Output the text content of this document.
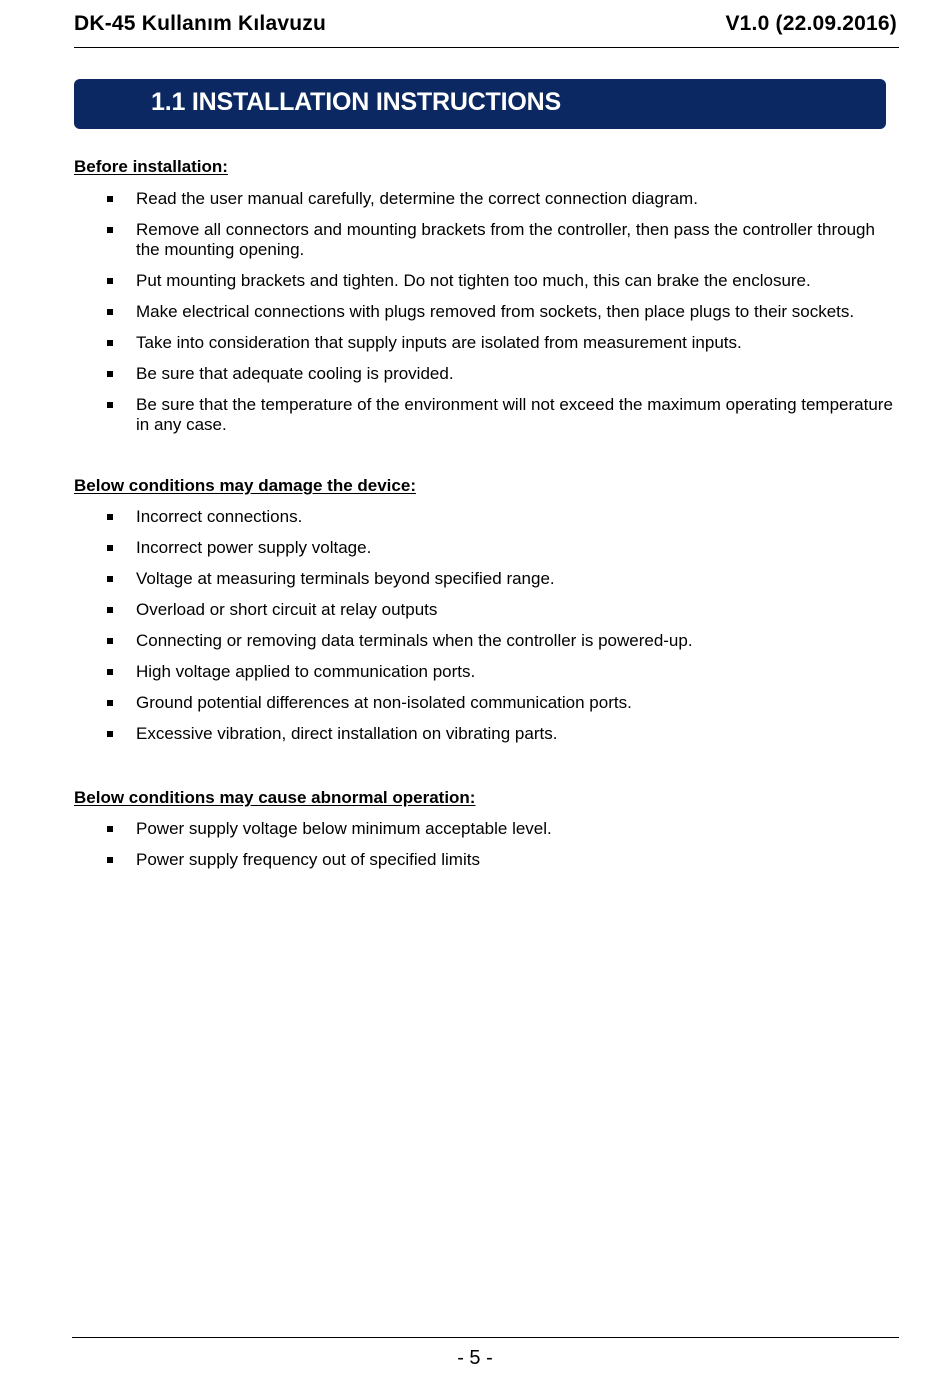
DK-45 Kullanım Kılavuzu	V1.0 (22.09.2016)
1.1 INSTALLATION INSTRUCTIONS
Before installation:
Read the user manual carefully, determine the correct connection diagram.
Remove all connectors and mounting brackets from the controller, then pass the controller through the mounting opening.
Put mounting brackets and tighten. Do not tighten too much, this can brake the enclosure.
Make electrical connections with plugs removed from sockets, then place plugs to their sockets.
Take into consideration that supply inputs are isolated from measurement inputs.
Be sure that adequate cooling is provided.
Be sure that the temperature of the environment will not exceed the maximum operating temperature in any case.
Below conditions may damage the device:
Incorrect connections.
Incorrect power supply voltage.
Voltage at measuring terminals beyond specified range.
Overload or short circuit at relay outputs
Connecting or removing data terminals when the controller is powered-up.
High voltage applied to communication ports.
Ground potential differences at non-isolated communication ports.
Excessive vibration, direct installation on vibrating parts.
Below conditions may cause abnormal operation:
Power supply voltage below minimum acceptable level.
Power supply frequency out of specified limits
- 5 -
